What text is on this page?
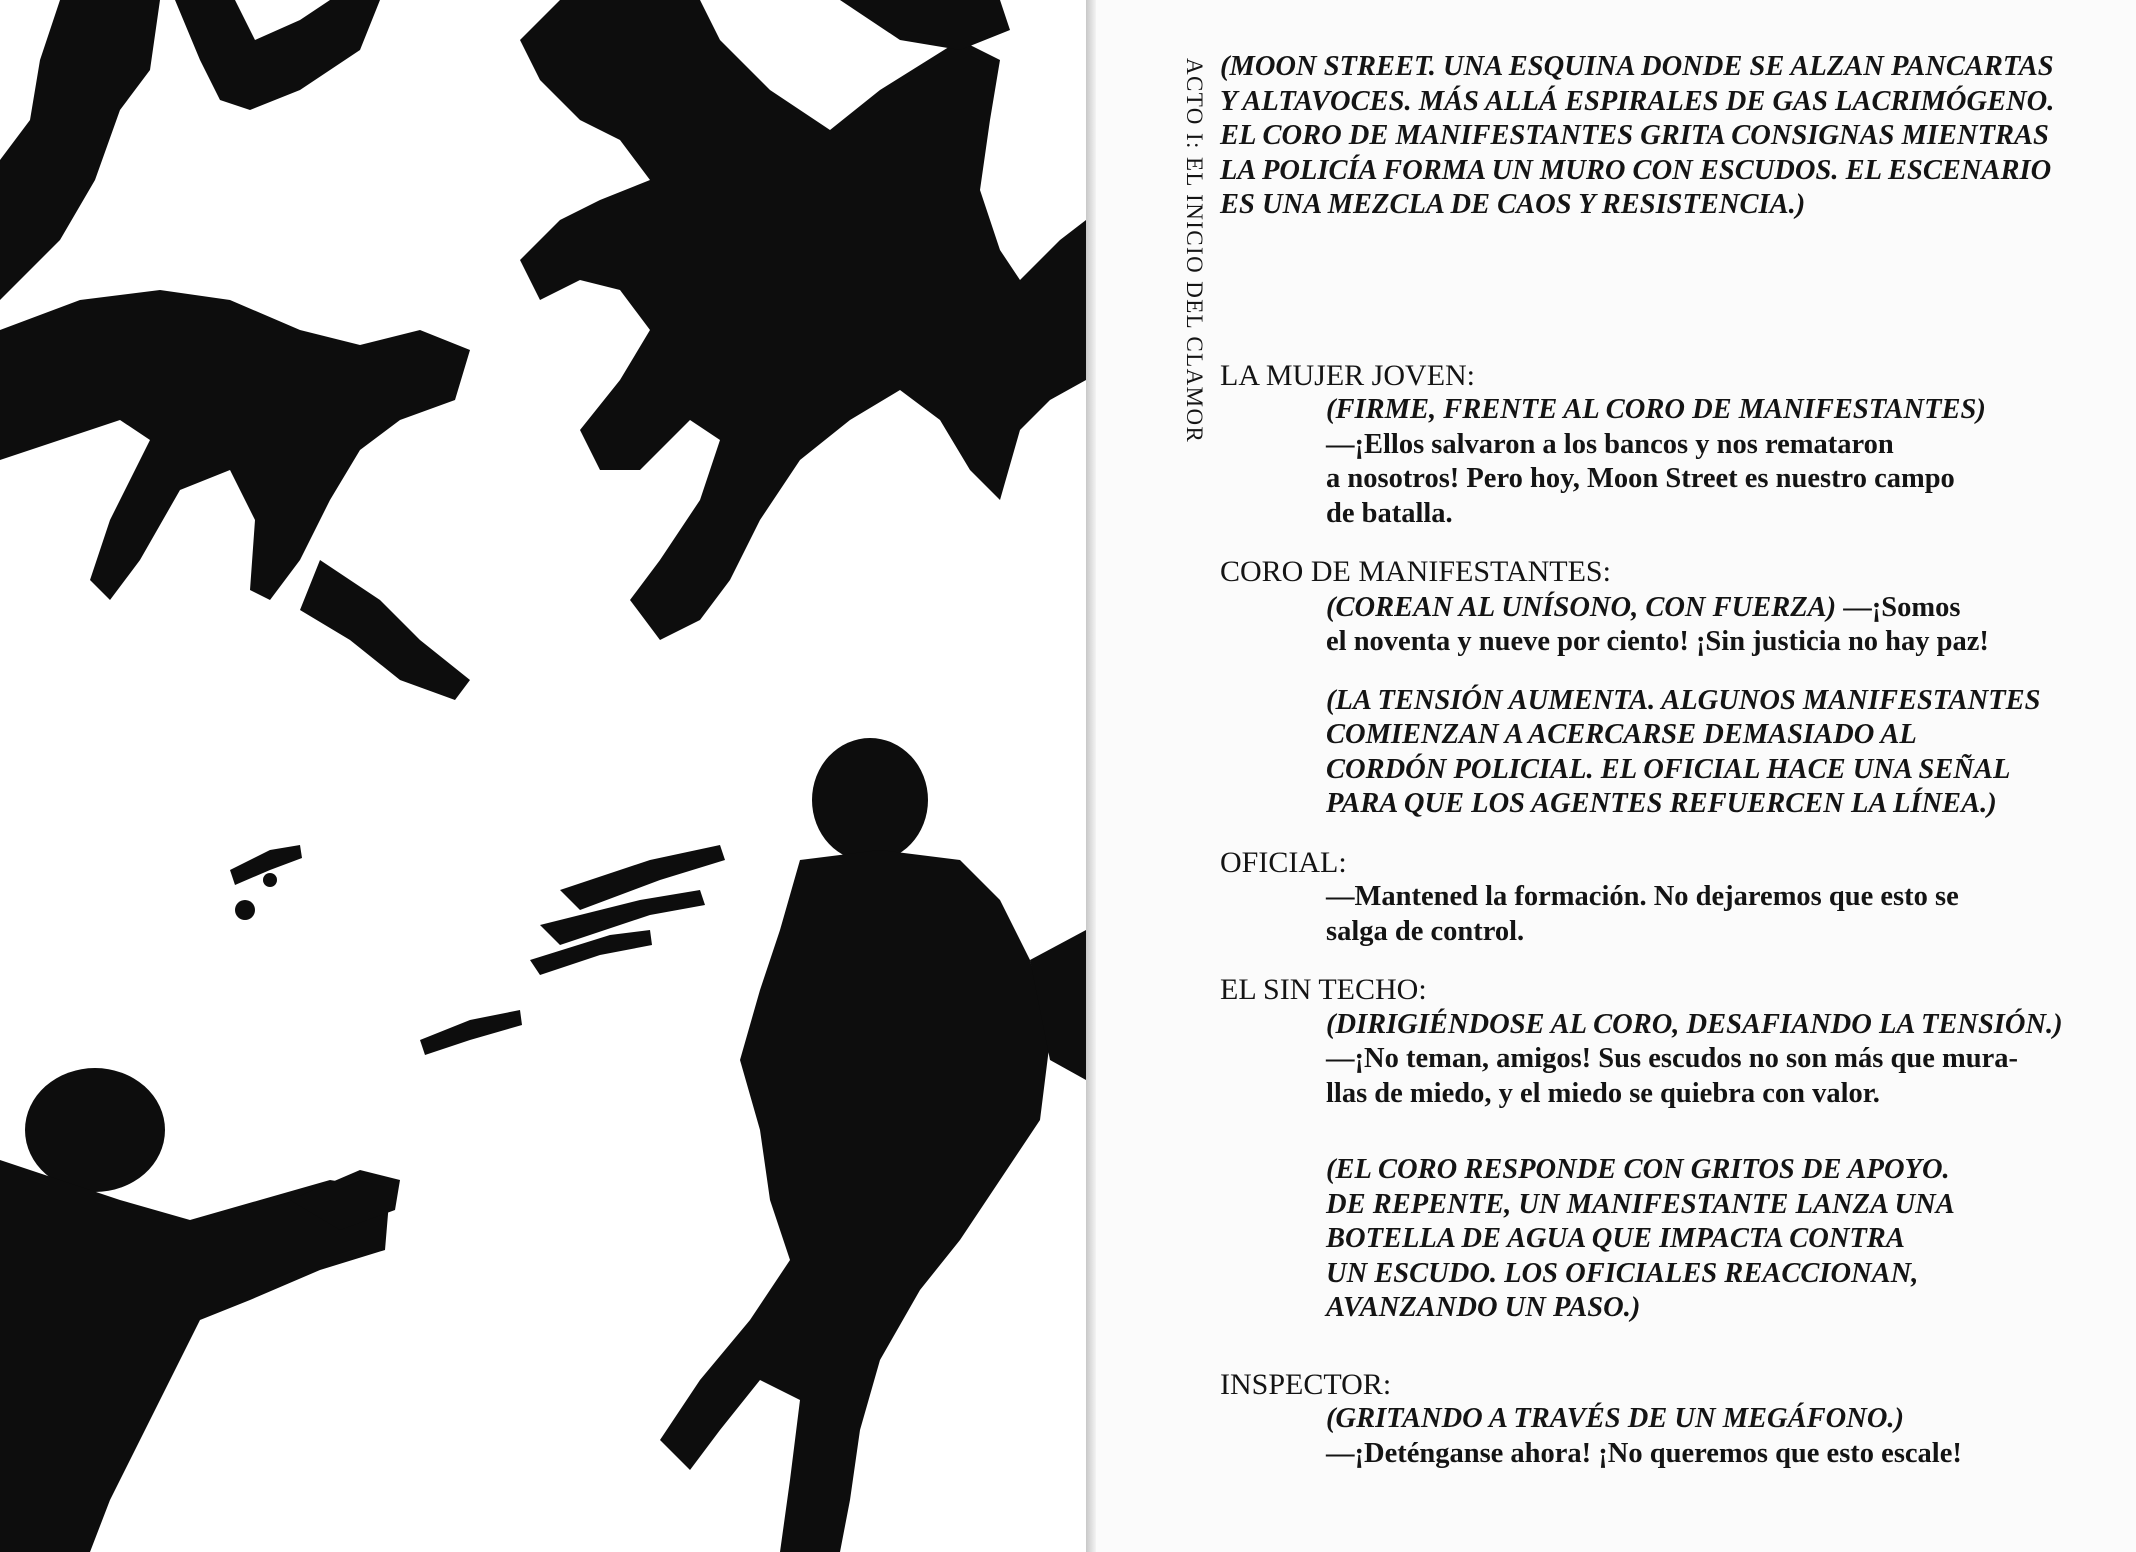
ACTO I: EL INICIO DEL CLAMOR (MOON STREET. UNA ESQUINA DONDE SE ALZAN PANCARTAS

Y ALTAVOCES. MÁS ALLÁ ESPIRALES DE GAS LACRIMÓGENO.

EL CORO DE MANIFESTANTES GRITA CONSIGNAS MIENTRAS

LA POLICÍA FORMA UN MURO CON ESCUDOS. EL ESCENARIO

ES UNA MEZCLA DE CAOS Y RESISTENCIA.)

LA MUJER JOVEN:

(FIRME, FRENTE AL CORO DE MANIFESTANTES)

—¡Ellos salvaron a los bancos y nos remataron

a nosotros! Pero hoy, Moon Street es nuestro campo

de batalla.

CORO DE MANIFESTANTES:

(COREAN AL UNÍSONO, CON FUERZA) —¡Somos

el noventa y nueve por ciento! ¡Sin justicia no hay paz!

(LA TENSIÓN AUMENTA. ALGUNOS MANIFESTANTES

COMIENZAN A ACERCARSE DEMASIADO AL

CORDÓN POLICIAL. EL OFICIAL HACE UNA SEÑAL

PARA QUE LOS AGENTES REFUERCEN LA LÍNEA.)

OFICIAL:

—Mantened la formación. No dejaremos que esto se

salga de control.

EL SIN TECHO:

(DIRIGIÉNDOSE AL CORO, DESAFIANDO LA TENSIÓN.)

—¡No teman, amigos! Sus escudos no son más que mura-

llas de miedo, y el miedo se quiebra con valor.

(EL CORO RESPONDE CON GRITOS DE APOYO.

DE REPENTE, UN MANIFESTANTE LANZA UNA

BOTELLA DE AGUA QUE IMPACTA CONTRA

UN ESCUDO. LOS OFICIALES REACCIONAN,

AVANZANDO UN PASO.)

INSPECTOR:

(GRITANDO A TRAVÉS DE UN MEGÁFONO.)

—¡Deténganse ahora! ¡No queremos que esto escale!
